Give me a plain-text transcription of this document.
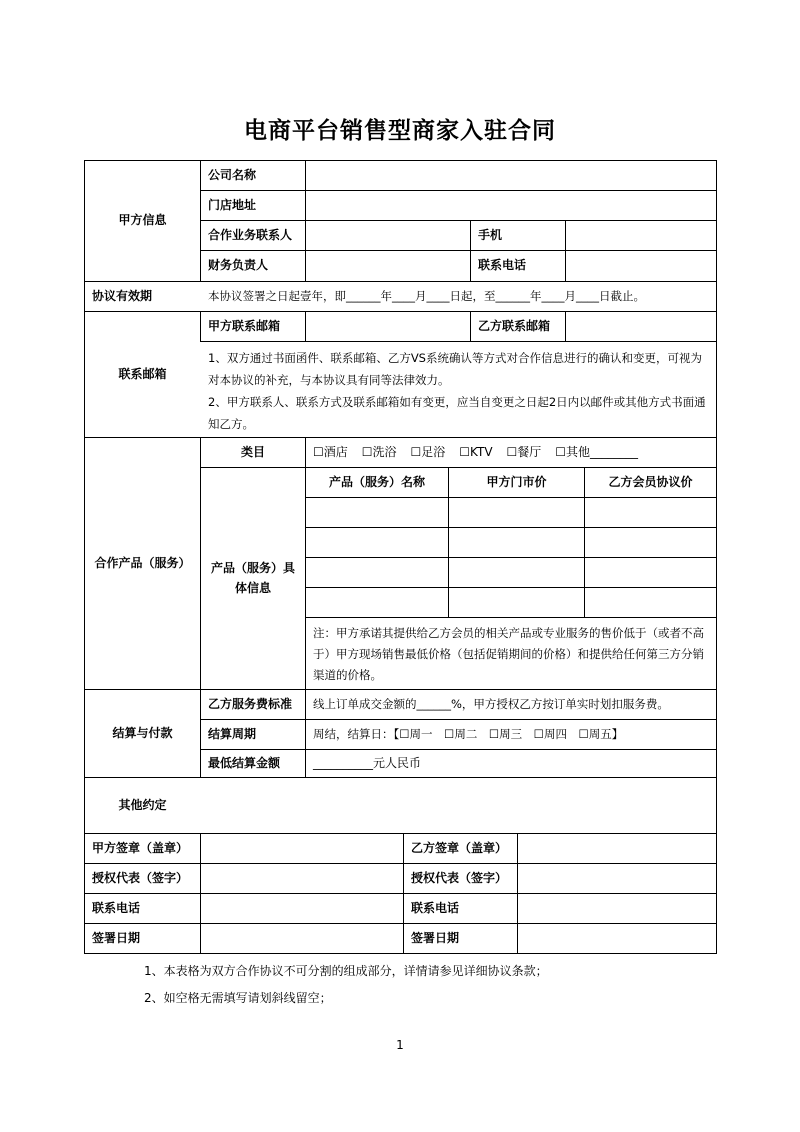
电商平台销售型商家入驻合同
甲方信息
公司名称
门店地址
合作业务联系人	手机
财务负责人	联系电话
协议有效期	本协议签署之日起壹年，即______年____月____日起，至______年____月____日截止。
联系邮箱
甲方联系邮箱	乙方联系邮箱
1、双方通过书面函件、联系邮箱、乙方VS系统确认等方式对合作信息进行的确认和变更，可视为对本协议的补充，与本协议具有同等法律效力。
2、甲方联系人、联系方式及联系邮箱如有变更，应当自变更之日起2日内以邮件或其他方式书面通知乙方。
合作产品（服务）
类目	☐酒店 ☐洗浴 ☐足浴 ☐KTV ☐餐厅 ☐其他________
产品（服务）具体信息
产品（服务）名称	甲方门市价	乙方会员协议价
注：甲方承诺其提供给乙方会员的相关产品或专业服务的售价低于（或者不高于）甲方现场销售最低价格（包括促销期间的价格）和提供给任何第三方分销渠道的价格。
结算与付款
乙方服务费标准	线上订单成交金额的______%，甲方授权乙方按订单实时划扣服务费。
结算周期	周结，结算日：【☐周一　☐周二　☐周三　☐周四　☐周五】
最低结算金额	__________元人民币
其他约定
甲方签章（盖章）	乙方签章（盖章）
授权代表（签字）	授权代表（签字）
联系电话	联系电话
签署日期	签署日期
1、本表格为双方合作协议不可分割的组成部分，详情请参见详细协议条款；
2、如空格无需填写请划斜线留空；
1
